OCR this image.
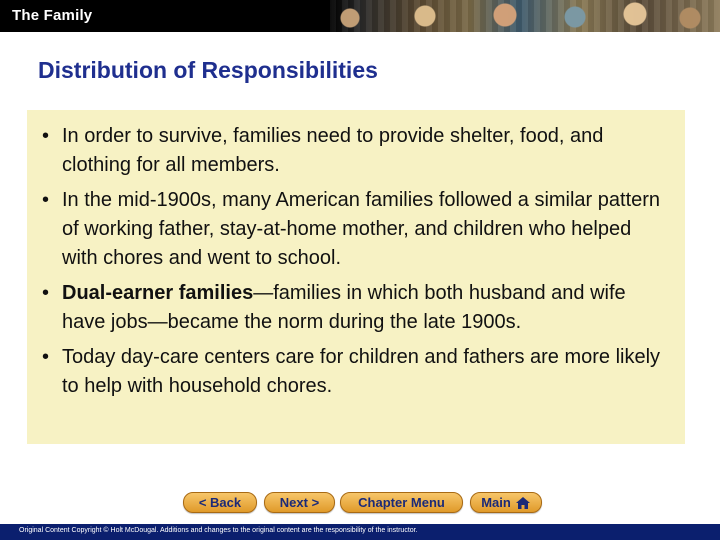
The Family
Distribution of Responsibilities
• In order to survive, families need to provide shelter, food, and clothing for all members.
• In the mid-1900s, many American families followed a similar pattern of working father, stay-at-home mother, and children who helped with chores and went to school.
• Dual-earner families—families in which both husband and wife have jobs—became the norm during the late 1900s.
• Today day-care centers care for children and fathers are more likely to help with household chores.
< Back	Next >	Chapter Menu	Main
Original Content Copyright © Holt McDougal. Additions and changes to the original content are the responsibility of the instructor.
